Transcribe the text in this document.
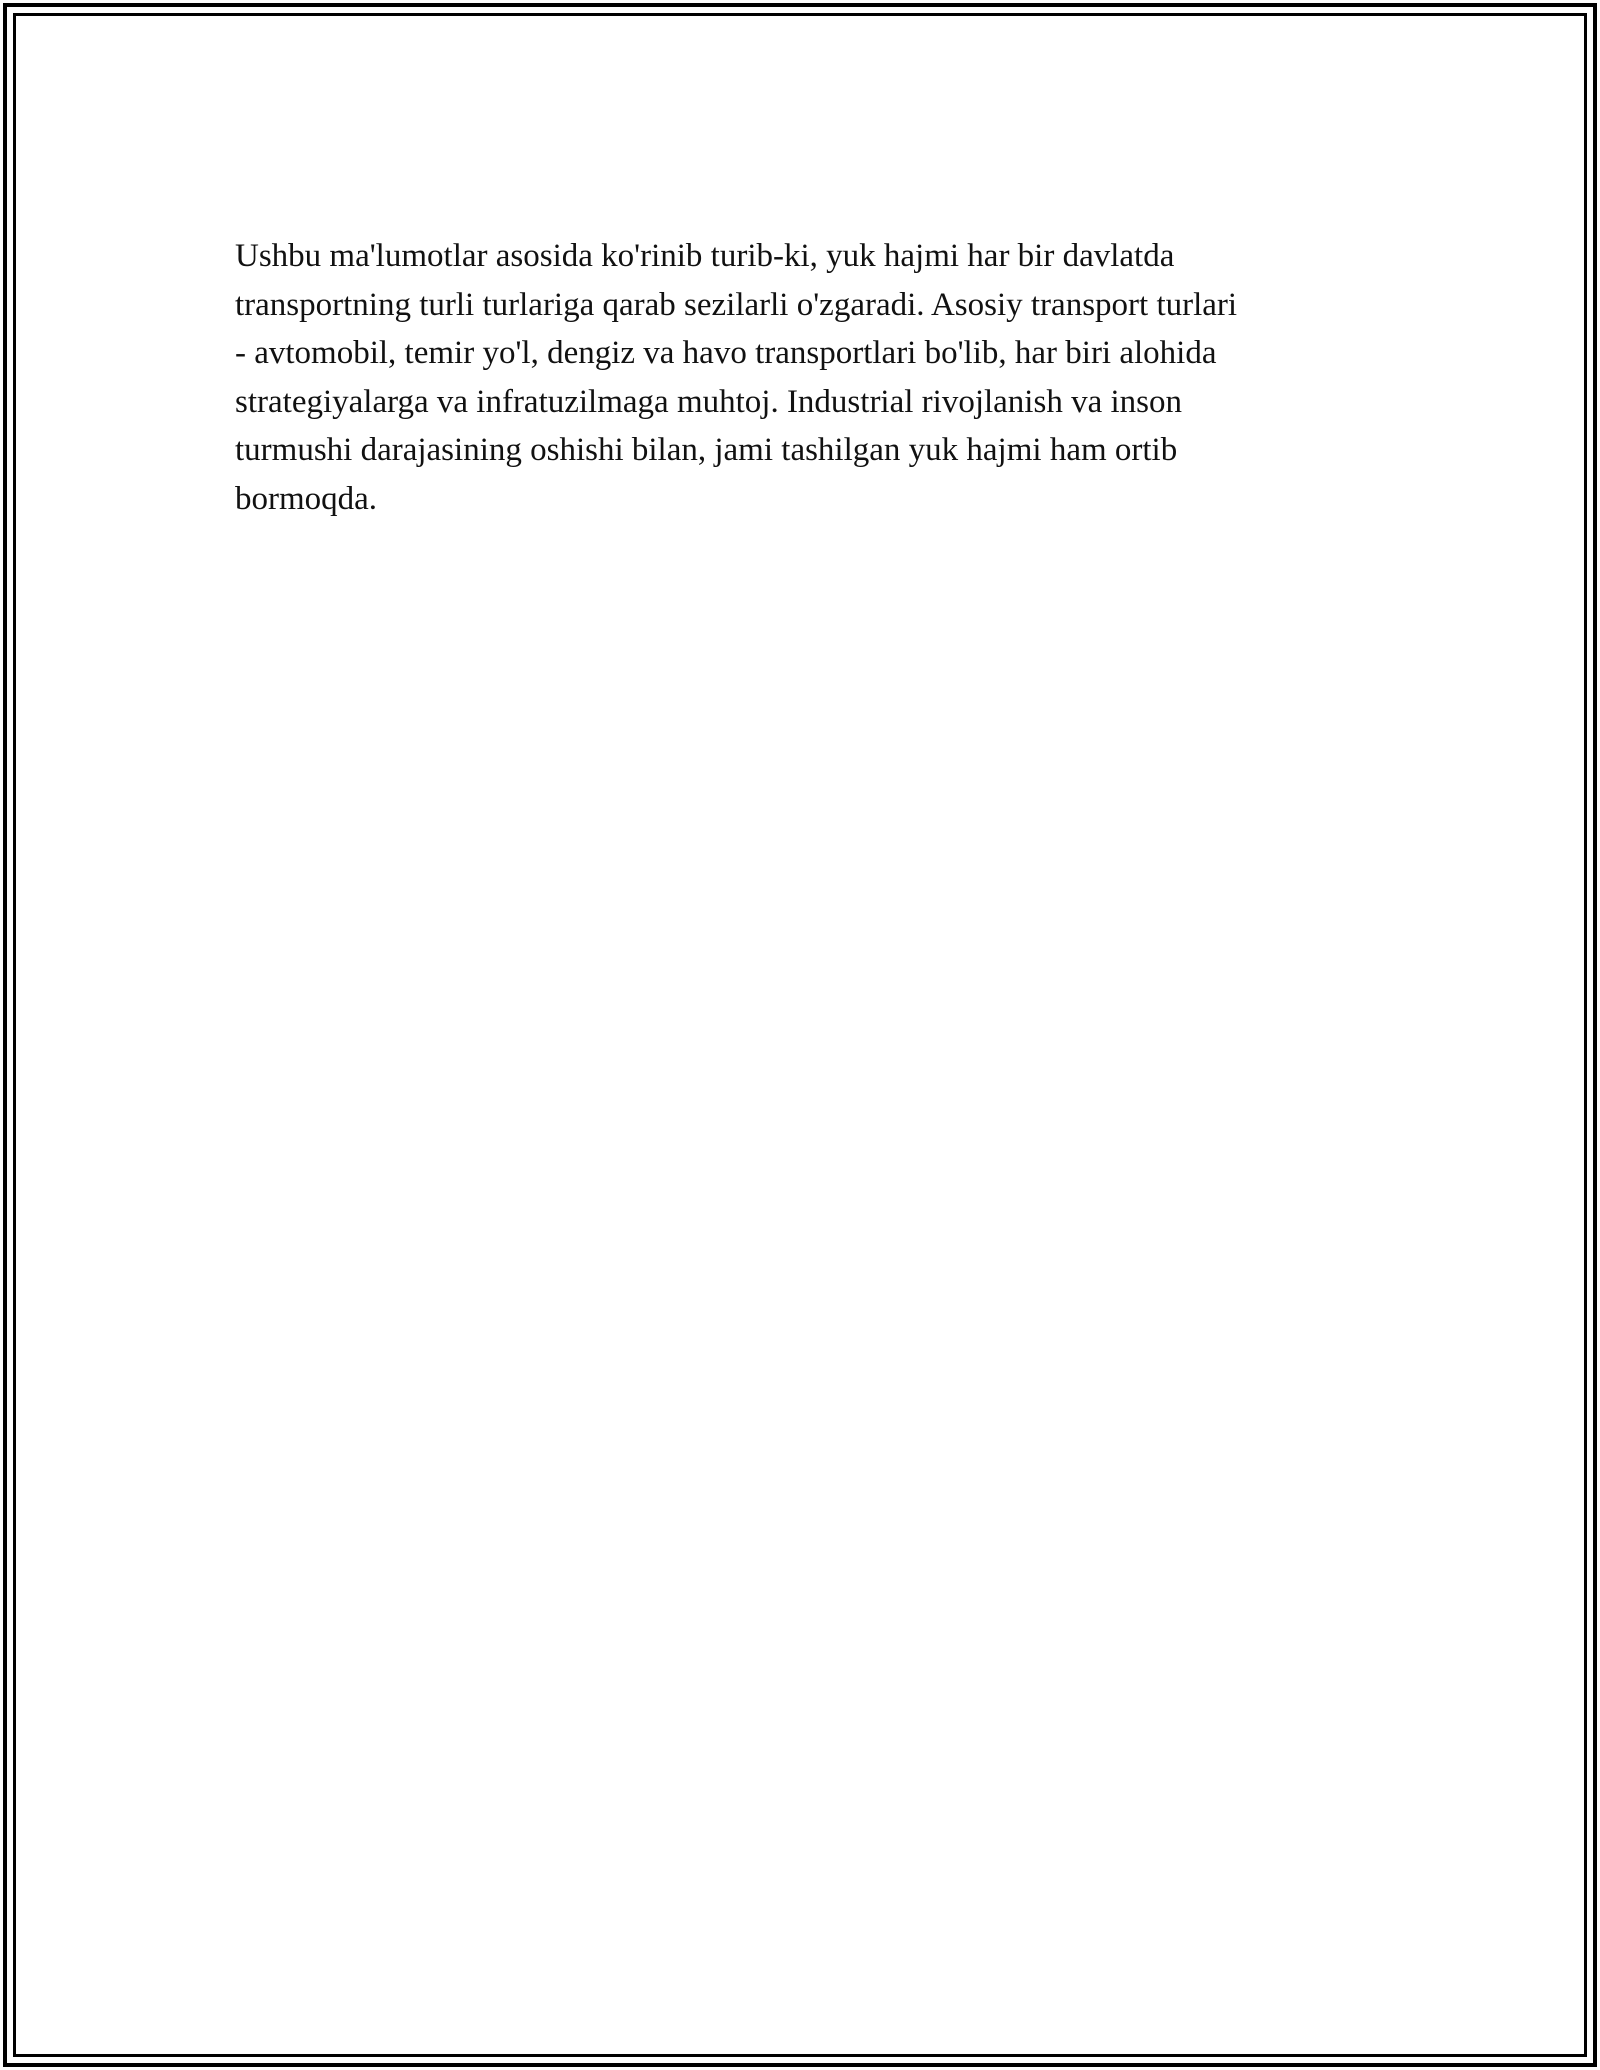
Ushbu ma'lumotlar asosida ko'rinib turib-ki, yuk hajmi har bir davlatda
transportning turli turlariga qarab sezilarli o'zgaradi. Asosiy transport turlari
- avtomobil, temir yo'l, dengiz va havo transportlari bo'lib, har biri alohida
strategiyalarga va infratuzilmaga muhtoj. Industrial rivojlanish va inson
turmushi darajasining oshishi bilan, jami tashilgan yuk hajmi ham ortib
bormoqda.
